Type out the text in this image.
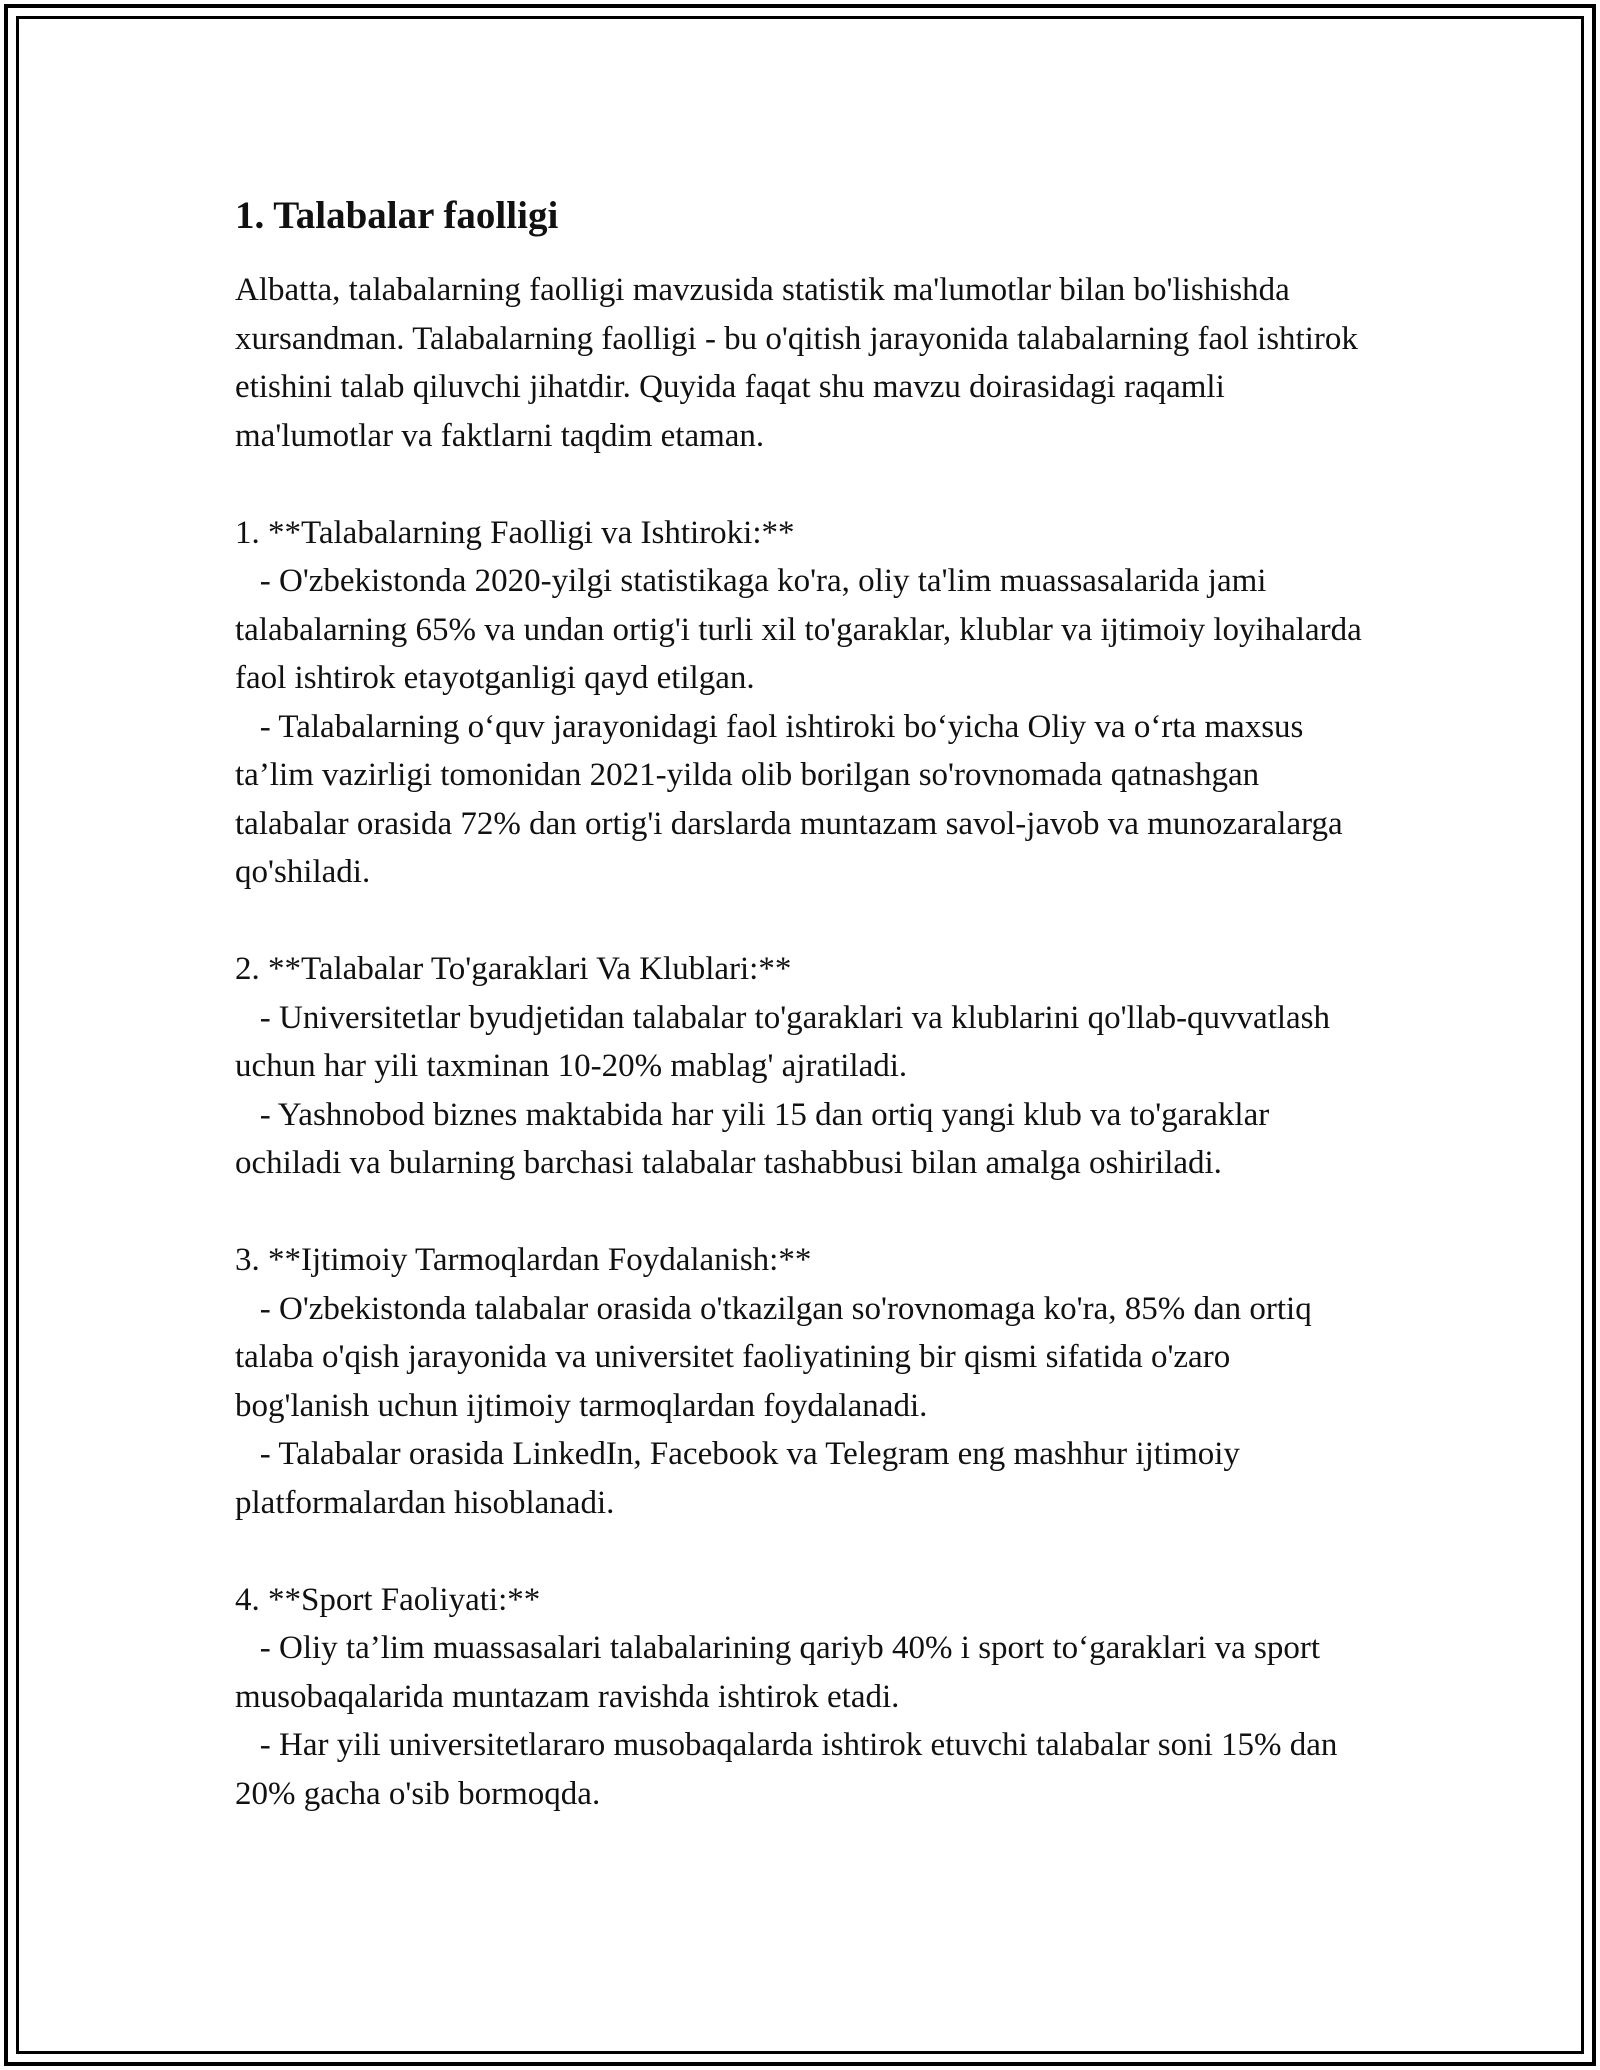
1. Talabalar faolligi

Albatta, talabalarning faolligi mavzusida statistik ma'lumotlar bilan bo'lishishda xursandman. Talabalarning faolligi - bu o'qitish jarayonida talabalarning faol ishtirok etishini talab qiluvchi jihatdir. Quyida faqat shu mavzu doirasidagi raqamli ma'lumotlar va faktlarni taqdim etaman.

1. **Talabalarning Faolligi va Ishtiroki:**

- O'zbekistonda 2020-yilgi statistikaga ko'ra, oliy ta'lim muassasalarida jami talabalarning 65% va undan ortig'i turli xil to'garaklar, klublar va ijtimoiy loyihalarda faol ishtirok etayotganligi qayd etilgan.

- Talabalarning o‘quv jarayonidagi faol ishtiroki bo‘yicha Oliy va o‘rta maxsus ta’lim vazirligi tomonidan 2021-yilda olib borilgan so'rovnomada qatnashgan talabalar orasida 72% dan ortig'i darslarda muntazam savol-javob va munozaralarga qo'shiladi.

2. **Talabalar To'garaklari Va Klublari:**

- Universitetlar byudjetidan talabalar to'garaklari va klublarini qo'llab-quvvatlash uchun har yili taxminan 10-20% mablag' ajratiladi.

- Yashnobod biznes maktabida har yili 15 dan ortiq yangi klub va to'garaklar ochiladi va bularning barchasi talabalar tashabbusi bilan amalga oshiriladi.

3. **Ijtimoiy Tarmoqlardan Foydalanish:**

- O'zbekistonda talabalar orasida o'tkazilgan so'rovnomaga ko'ra, 85% dan ortiq talaba o'qish jarayonida va universitet faoliyatining bir qismi sifatida o'zaro bog'lanish uchun ijtimoiy tarmoqlardan foydalanadi.

- Talabalar orasida LinkedIn, Facebook va Telegram eng mashhur ijtimoiy platformalardan hisoblanadi.

4. **Sport Faoliyati:**

- Oliy ta’lim muassasalari talabalarining qariyb 40% i sport to‘garaklari va sport musobaqalarida muntazam ravishda ishtirok etadi.

- Har yili universitetlararo musobaqalarda ishtirok etuvchi talabalar soni 15% dan 20% gacha o'sib bormoqda.
